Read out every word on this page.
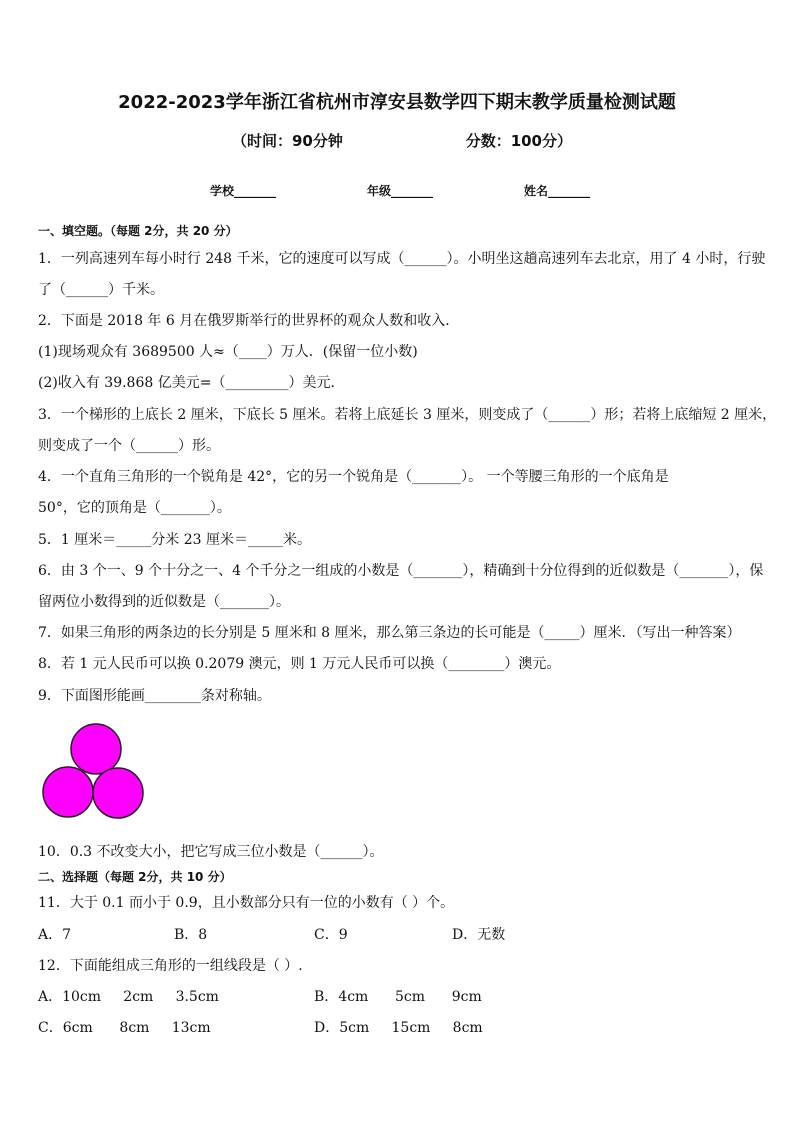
2022-2023学年浙江省杭州市淳安县数学四下期末教学质量检测试题
（时间：90分钟	分数：100分）
学校_______	年级_______	姓名_______
一、填空题。（每题 2分，共 20 分）
1．一列高速列车每小时行 248 千米，它的速度可以写成（______）。小明坐这趟高速列车去北京，用了 4 小时，行驶
了（______）千米。
2．下面是 2018 年 6 月在俄罗斯举行的世界杯的观众人数和收入．
(1)现场观众有 3689500 人≈（____）万人．(保留一位小数)
(2)收入有 39.868 亿美元=（_________）美元．
3．一个梯形的上底长 2 厘米，下底长 5 厘米。若将上底延长 3 厘米，则变成了（______）形；若将上底缩短 2 厘米，
则变成了一个（______）形。
4．一个直角三角形的一个锐角是 42°，它的另一个锐角是（_______）。 一个等腰三角形的一个底角是
50°，它的顶角是（_______）。
5．1 厘米＝_____分米 23 厘米＝_____米。
6．由 3 个一、9 个十分之一、4 个千分之一组成的小数是（_______），精确到十分位得到的近似数是（_______），保
留两位小数得到的近似数是（_______）。
7．如果三角形的两条边的长分别是 5 厘米和 8 厘米，那么第三条边的长可能是（_____）厘米．（写出一种答案）
8．若 1 元人民币可以换 0.2079 澳元，则 1 万元人民币可以换（________）澳元。
9．下面图形能画________条对称轴。
10．0.3 不改变大小，把它写成三位小数是（______）。
二、选择题（每题 2分，共 10 分）
11．大于 0.1 而小于 0.9，且小数部分只有一位的小数有（ ）个。
A．7	B．8	C．9	D．无数
12．下面能组成三角形的一组线段是（ ）.
A．10cm     2cm     3.5cm	B．4cm      5cm      9cm
C．6cm      8cm     13cm	D．5cm     15cm     8cm
